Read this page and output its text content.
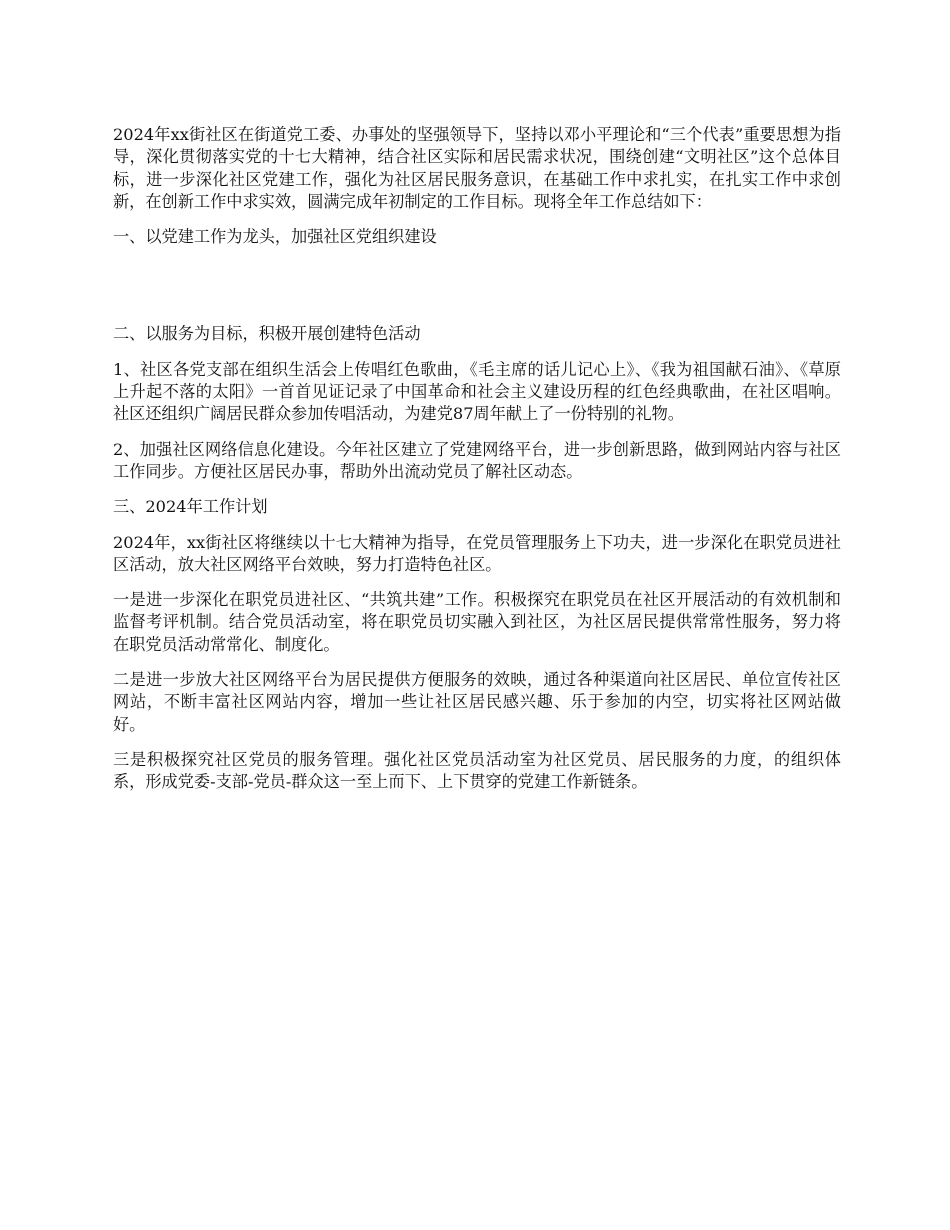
2024年xx街社区在街道党工委、办事处的坚强领导下，坚持以邓小平理论和“三个代表”重要思想为指导，深化贯彻落实党的十七大精神，结合社区实际和居民需求状况，围绕创建“文明社区”这个总体目标，进一步深化社区党建工作，强化为社区居民服务意识，在基础工作中求扎实，在扎实工作中求创新，在创新工作中求实效，圆满完成年初制定的工作目标。现将全年工作总结如下：

一、以党建工作为龙头，加强社区党组织建设

二、以服务为目标，积极开展创建特色活动

1、社区各党支部在组织生活会上传唱红色歌曲，《毛主席的话儿记心上》、《我为祖国献石油》、《草原上升起不落的太阳》一首首见证记录了中国革命和社会主义建设历程的红色经典歌曲，在社区唱响。社区还组织广阔居民群众参加传唱活动，为建党87周年献上了一份特别的礼物。

2、加强社区网络信息化建设。今年社区建立了党建网络平台，进一步创新思路，做到网站内容与社区工作同步。方便社区居民办事，帮助外出流动党员了解社区动态。

三、2024年工作计划

2024年，xx街社区将继续以十七大精神为指导，在党员管理服务上下功夫，进一步深化在职党员进社区活动，放大社区网络平台效映，努力打造特色社区。

一是进一步深化在职党员进社区、“共筑共建”工作。积极探究在职党员在社区开展活动的有效机制和监督考评机制。结合党员活动室，将在职党员切实融入到社区，为社区居民提供常常性服务，努力将在职党员活动常常化、制度化。

二是进一步放大社区网络平台为居民提供方便服务的效映，通过各种渠道向社区居民、单位宣传社区网站，不断丰富社区网站内容，增加一些让社区居民感兴趣、乐于参加的内空，切实将社区网站做好。

三是积极探究社区党员的服务管理。强化社区党员活动室为社区党员、居民服务的力度，的组织体系，形成党委-支部-党员-群众这一至上而下、上下贯穿的党建工作新链条。
